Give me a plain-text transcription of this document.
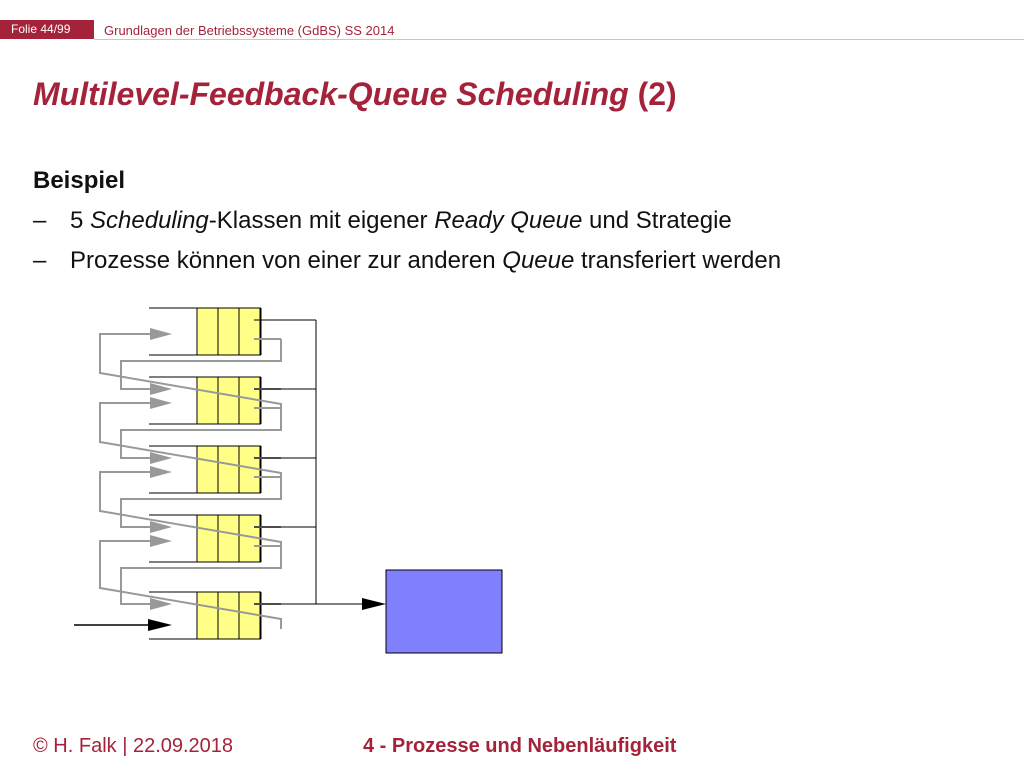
Folie 44/99	Grundlagen der Betriebssysteme (GdBS) SS 2014
Multilevel-Feedback-Queue Scheduling (2)
Beispiel
– 5 Scheduling-Klassen mit eigener Ready Queue und Strategie
– Prozesse können von einer zur anderen Queue transferiert werden
© H. Falk | 22.09.2018	4 - Prozesse und Nebenläufigkeit
